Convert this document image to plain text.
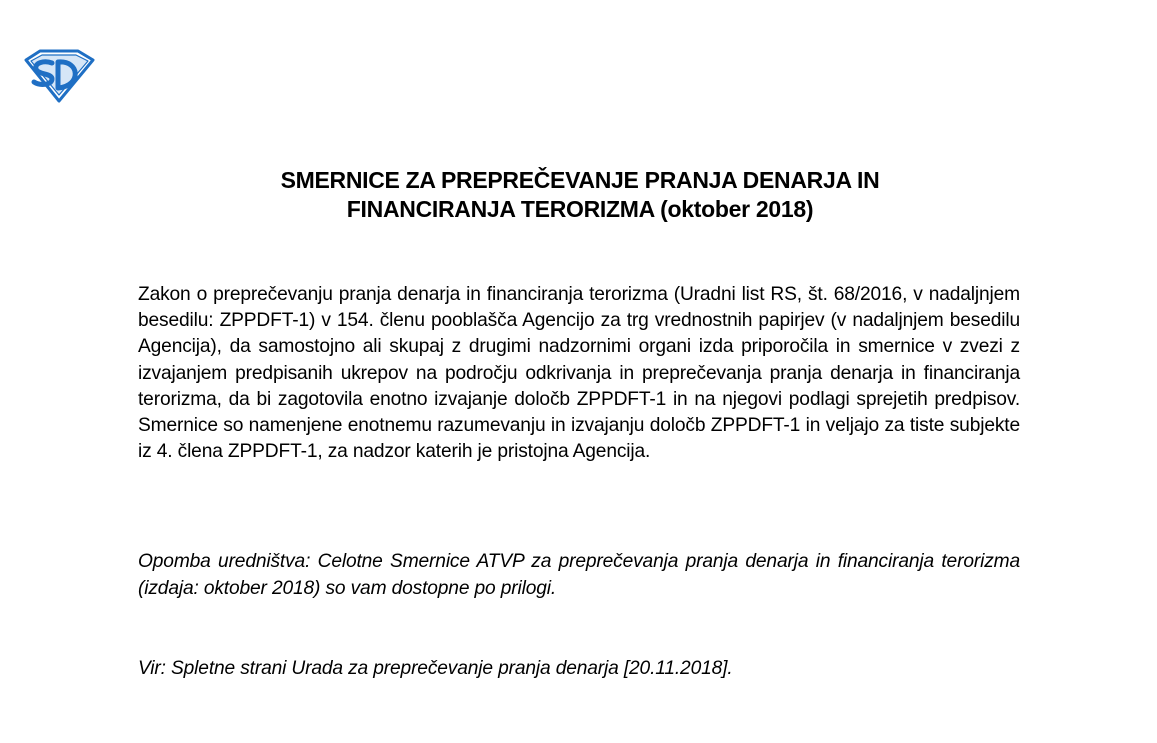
SMERNICE ZA PREPREČEVANJE PRANJA DENARJA IN
FINANCIRANJA TERORIZMA (oktober 2018)
Zakon o preprečevanju pranja denarja in financiranja terorizma (Uradni list RS, št. 68/2016, v nadaljnjem besedilu: ZPPDFT-1) v 154. členu pooblašča Agencijo za trg vrednostnih papirjev (v nadaljnjem besedilu Agencija), da samostojno ali skupaj z drugimi nadzornimi organi izda priporočila in smernice v zvezi z izvajanjem predpisanih ukrepov na področju odkrivanja in preprečevanja pranja denarja in financiranja terorizma, da bi zagotovila enotno izvajanje določb ZPPDFT-1 in na njegovi podlagi sprejetih predpisov. Smernice so namenjene enotnemu razumevanju in izvajanju določb ZPPDFT-1 in veljajo za tiste subjekte iz 4. člena ZPPDFT-1, za nadzor katerih je pristojna Agencija.
Opomba uredništva: Celotne Smernice ATVP za preprečevanja pranja denarja in financiranja terorizma (izdaja: oktober 2018) so vam dostopne po prilogi.
Vir: Spletne strani Urada za preprečevanje pranja denarja [20.11.2018].
